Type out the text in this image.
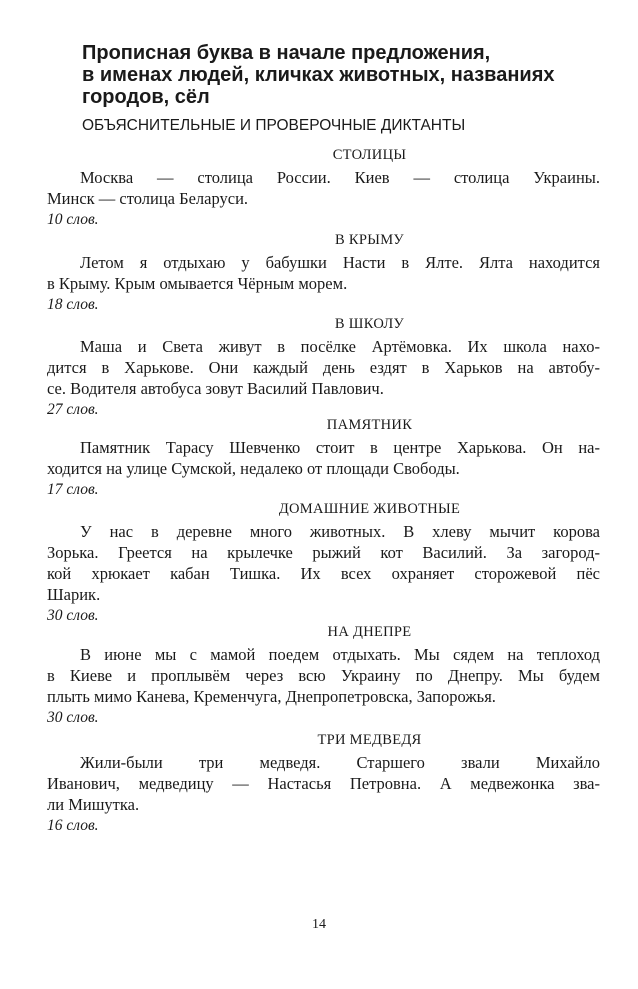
Прописная буква в начале предложения,
в именах людей, кличках животных, названиях
городов, сёл

ОБЪЯСНИТЕЛЬНЫЕ И ПРОВЕРОЧНЫЕ ДИКТАНТЫ

СТОЛИЦЫ

Москва — столица России. Киев — столица Украины.
Минск — столица Беларуси.

10 слов.

В КРЫМУ

Летом я отдыхаю у бабушки Насти в Ялте. Ялта находится
в Крыму. Крым омывается Чёрным морем.

18 слов.

В ШКОЛУ

Маша и Света живут в посёлке Артёмовка. Их школа нахо-
дится в Харькове. Они каждый день ездят в Харьков на автобу-
се. Водителя автобуса зовут Василий Павлович.

27 слов.

ПАМЯТНИК

Памятник Тарасу Шевченко стоит в центре Харькова. Он на-
ходится на улице Сумской, недалеко от площади Свободы.

17 слов.

ДОМАШНИЕ ЖИВОТНЫЕ

У нас в деревне много животных. В хлеву мычит корова
Зорька. Греется на крылечке рыжий кот Василий. За загород-
кой хрюкает кабан Тишка. Их всех охраняет сторожевой пёс
Шарик.

30 слов.

НА ДНЕПРЕ

В июне мы с мамой поедем отдыхать. Мы сядем на теплоход
в Киеве и проплывём через всю Украину по Днепру. Мы будем
плыть мимо Канева, Кременчуга, Днепропетровска, Запорожья.

30 слов.

ТРИ МЕДВЕДЯ

Жили-были три медведя. Старшего звали Михайло
Иванович, медведицу — Настасья Петровна. А медвежонка зва-
ли Мишутка.

16 слов.

14
